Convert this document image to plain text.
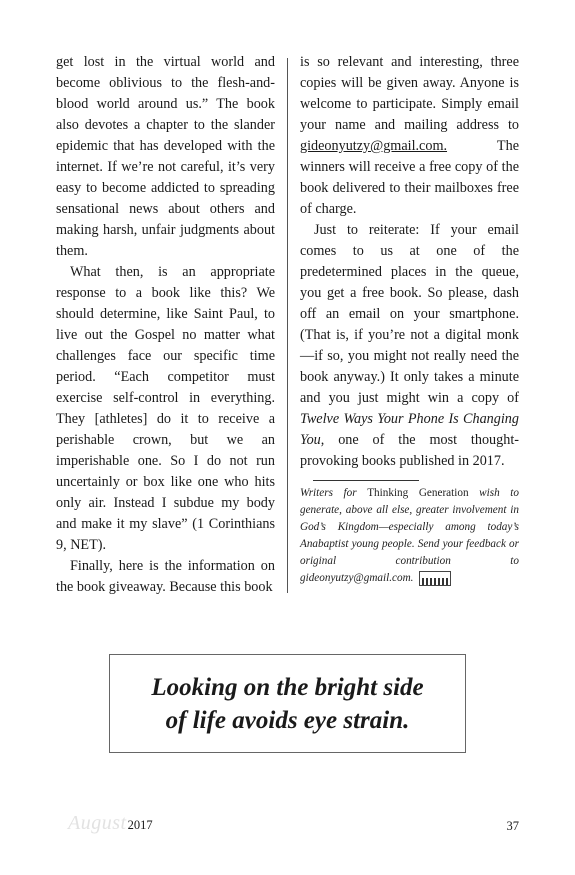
get lost in the virtual world and become oblivious to the flesh-and-blood world around us.” The book also devotes a chapter to the slander epidemic that has developed with the internet. If we’re not careful, it’s very easy to become addicted to spreading sensational news about others and making harsh, unfair judgments about them.

What then, is an appropriate response to a book like this? We should determine, like Saint Paul, to live out the Gospel no matter what challenges face our specific time period. “Each competitor must exercise self-control in everything. They [athletes] do it to receive a perishable crown, but we an imperishable one. So I do not run uncertainly or box like one who hits only air. Instead I subdue my body and make it my slave” (1 Corinthians 9, NET).

Finally, here is the information on the book giveaway. Because this book

is so relevant and interesting, three copies will be given away. Anyone is welcome to participate. Simply email your name and mailing address to gideonyutzy@gmail.com. The winners will receive a free copy of the book delivered to their mailboxes free of charge.

Just to reiterate: If your email comes to us at one of the predetermined places in the queue, you get a free book. So please, dash off an email on your smartphone. (That is, if you’re not a digital monk—if so, you might not really need the book anyway.) It only takes a minute and you just might win a copy of Twelve Ways Your Phone Is Changing You, one of the most thought-provoking books published in 2017.

Writers for Thinking Generation wish to generate, above all else, greater involvement in God’s Kingdom—especially among today’s Anabaptist young people. Send your feedback or original contribution to gideonyutzy@gmail.com.
Looking on the bright side
of life avoids eye strain.
August 2017	37
